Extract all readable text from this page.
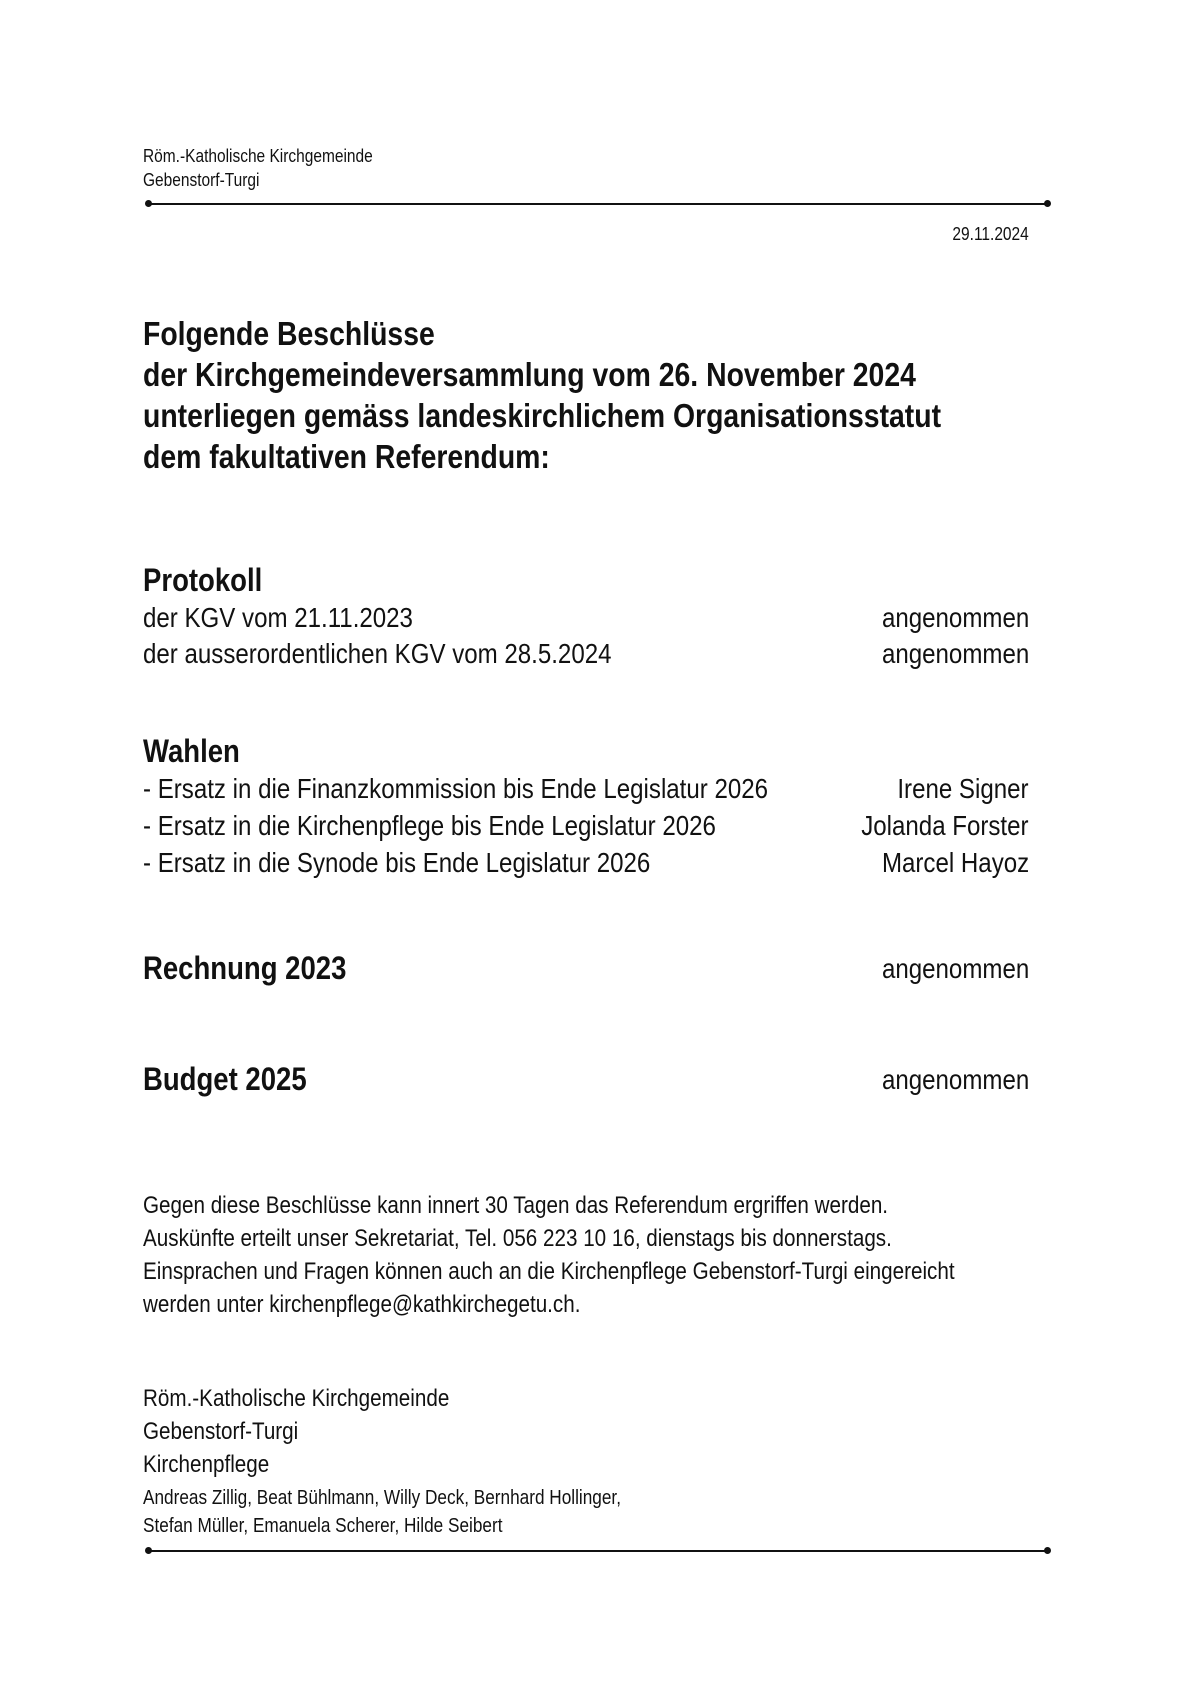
Röm.-Katholische Kirchgemeinde
Gebenstorf-Turgi
29.11.2024
Folgende Beschlüsse
der Kirchgemeindeversammlung vom 26. November 2024
unterliegen gemäss landeskirchlichem Organisationsstatut
dem fakultativen Referendum:
Protokoll
der KGV vom 21.11.2023	angenommen
der ausserordentlichen KGV vom 28.5.2024	angenommen
Wahlen
- Ersatz in die Finanzkommission bis Ende Legislatur 2026	Irene Signer
- Ersatz in die Kirchenpflege bis Ende Legislatur 2026	Jolanda Forster
- Ersatz in die Synode bis Ende Legislatur 2026	Marcel Hayoz
Rechnung 2023	angenommen
Budget 2025	angenommen
Gegen diese Beschlüsse kann innert 30 Tagen das Referendum ergriffen werden.
Auskünfte erteilt unser Sekretariat, Tel. 056 223 10 16, dienstags bis donnerstags.
Einsprachen und Fragen können auch an die Kirchenpflege Gebenstorf-Turgi eingereicht
werden unter kirchenpflege@kathkirchegetu.ch.
Röm.-Katholische Kirchgemeinde
Gebenstorf-Turgi
Kirchenpflege
Andreas Zillig, Beat Bühlmann, Willy Deck, Bernhard Hollinger,
Stefan Müller, Emanuela Scherer, Hilde Seibert
